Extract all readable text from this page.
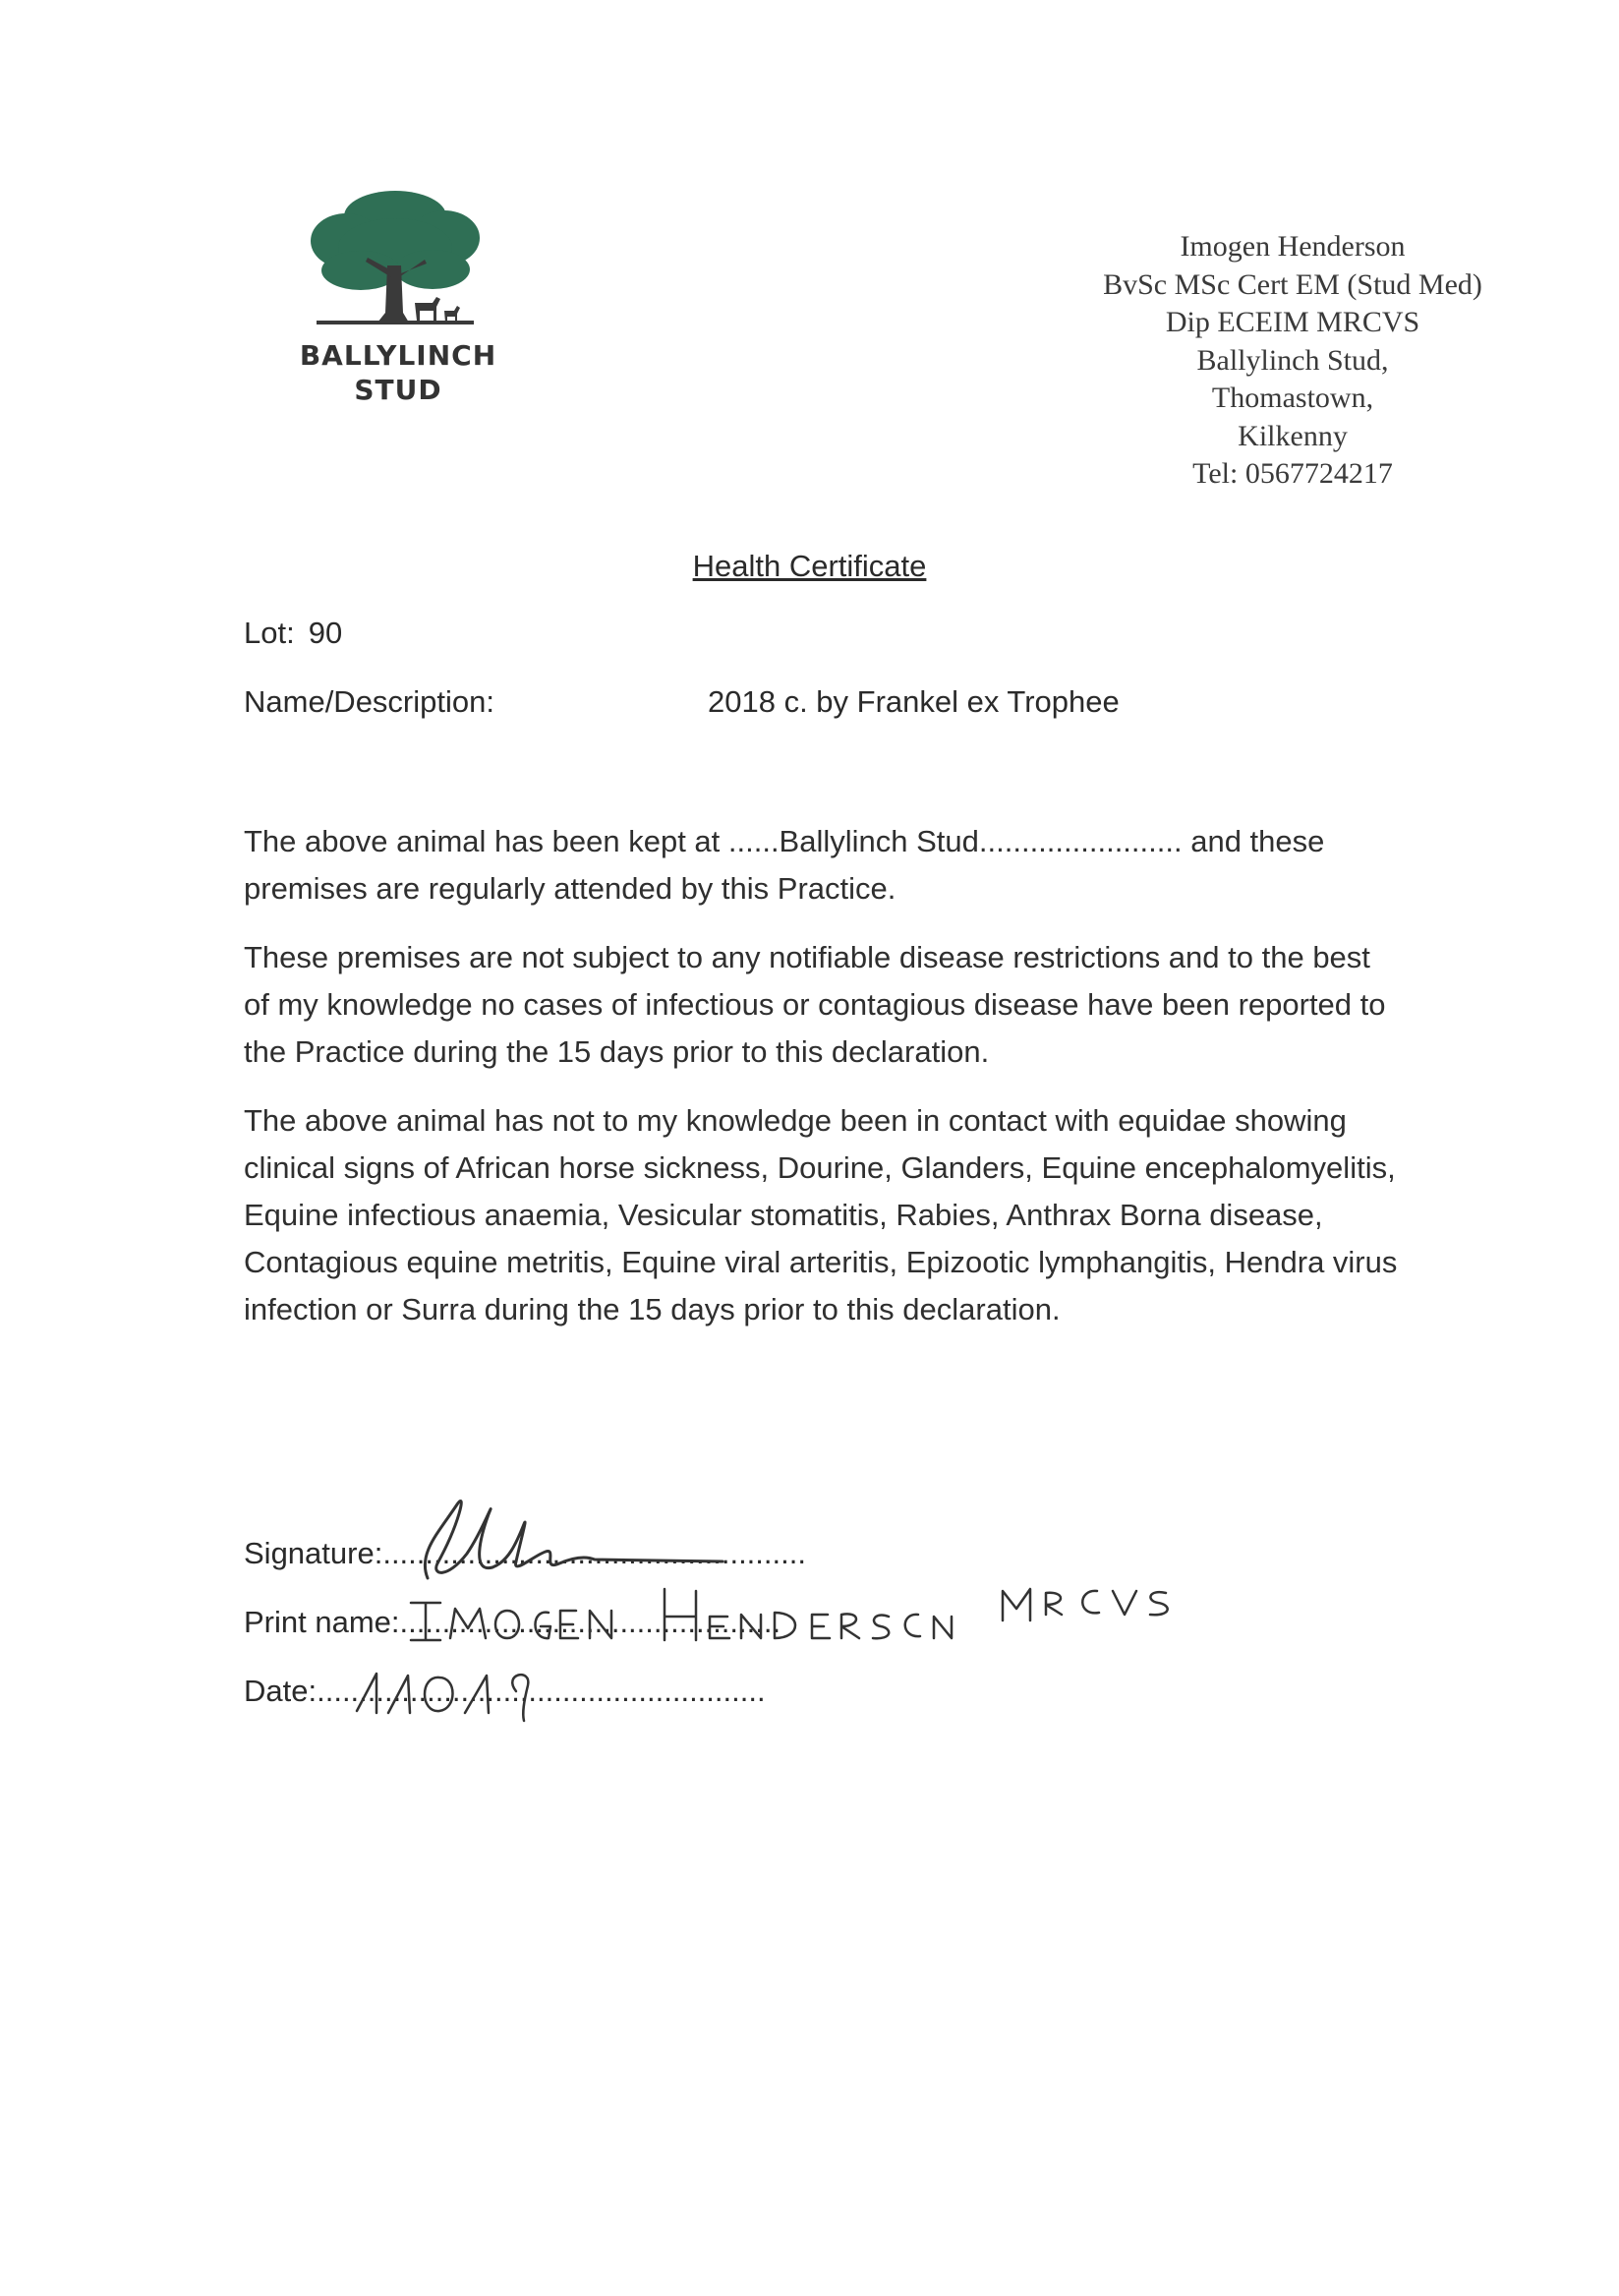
BALLYLINCH
STUD
Imogen Henderson
BvSc MSc Cert EM (Stud Med)
Dip ECEIM MRCVS
Ballylinch Stud,
Thomastown,
Kilkenny
Tel: 0567724217
Health Certificate
Lot: 90
Name/Description:	2018 c. by Frankel ex Trophee
The above animal has been kept at ......Ballylinch Stud........................ and these premises are regularly attended by this Practice.
These premises are not subject to any notifiable disease restrictions and to the best of my knowledge no cases of infectious or contagious disease have been reported to the Practice during the 15 days prior to this declaration.
The above animal has not to my knowledge been in contact with equidae showing clinical signs of African horse sickness, Dourine, Glanders, Equine encephalomyelitis, Equine infectious anaemia, Vesicular stomatitis, Rabies, Anthrax Borna disease, Contagious equine metritis, Equine viral arteritis, Epizootic lymphangitis, Hendra virus infection or Surra during the 15 days prior to this declaration.
Signature:..................................................
Print name:.............................................
Date:.....................................................
